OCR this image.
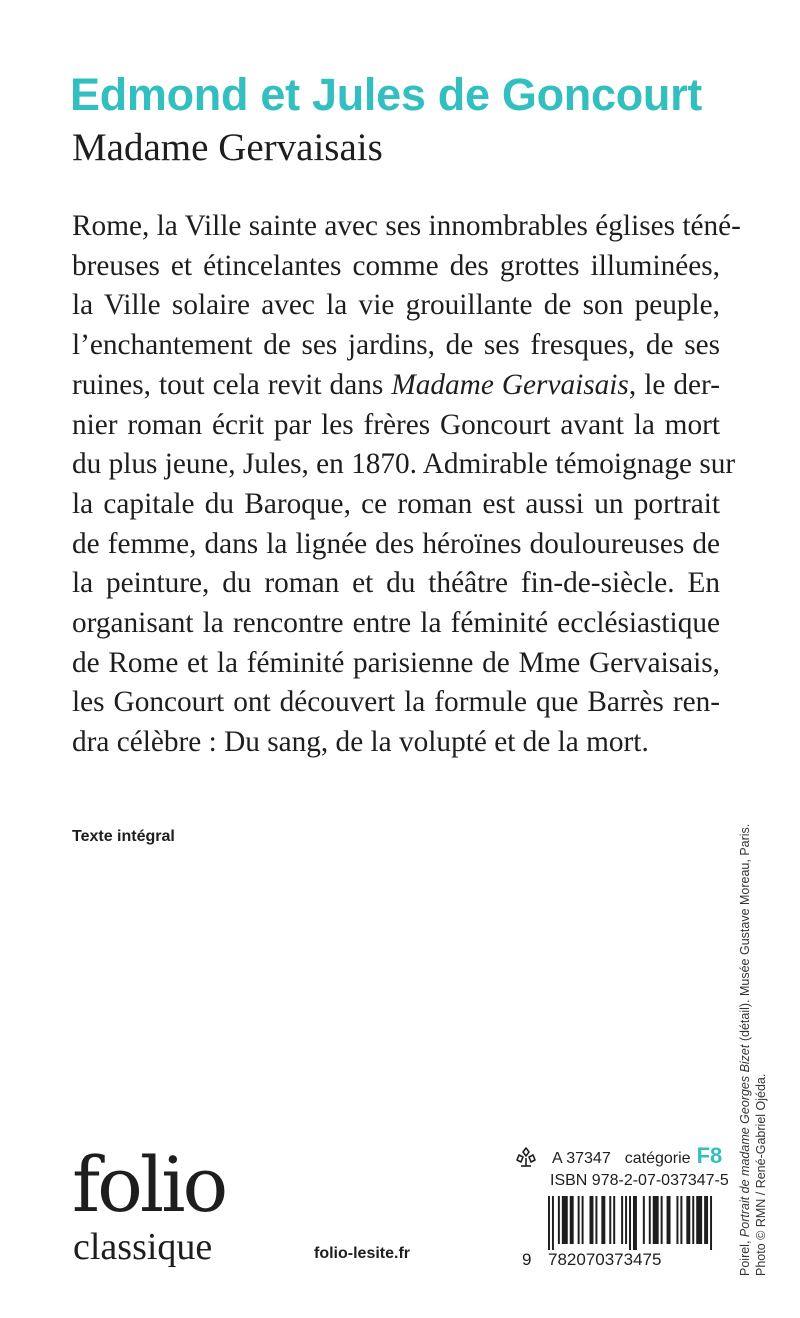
Edmond et Jules de Goncourt
Madame Gervaisais
Rome, la Ville sainte avec ses innombrables églises téné-
breuses et étincelantes comme des grottes illuminées,
la Ville solaire avec la vie grouillante de son peuple,
l’enchantement de ses jardins, de ses fresques, de ses
ruines, tout cela revit dans Madame Gervaisais, le der-
nier roman écrit par les frères Goncourt avant la mort
du plus jeune, Jules, en 1870. Admirable témoignage sur
la capitale du Baroque, ce roman est aussi un portrait
de femme, dans la lignée des héroïnes douloureuses de
la peinture, du roman et du théâtre fin-de-siècle. En
organisant la rencontre entre la féminité ecclésiastique
de Rome et la féminité parisienne de Mme Gervaisais,
les Goncourt ont découvert la formule que Barrès ren-
dra célèbre : Du sang, de la volupté et de la mort.
Texte intégral
Poirel, Portrait de madame Georges Bizet (détail). Musée Gustave Moreau, Paris.
Photo © RMN / René-Gabriel Ojéda.
folio
classique	folio-lesite.fr
A 37347 catégorie F8
ISBN 978-2-07-037347-5
9 782070373475
